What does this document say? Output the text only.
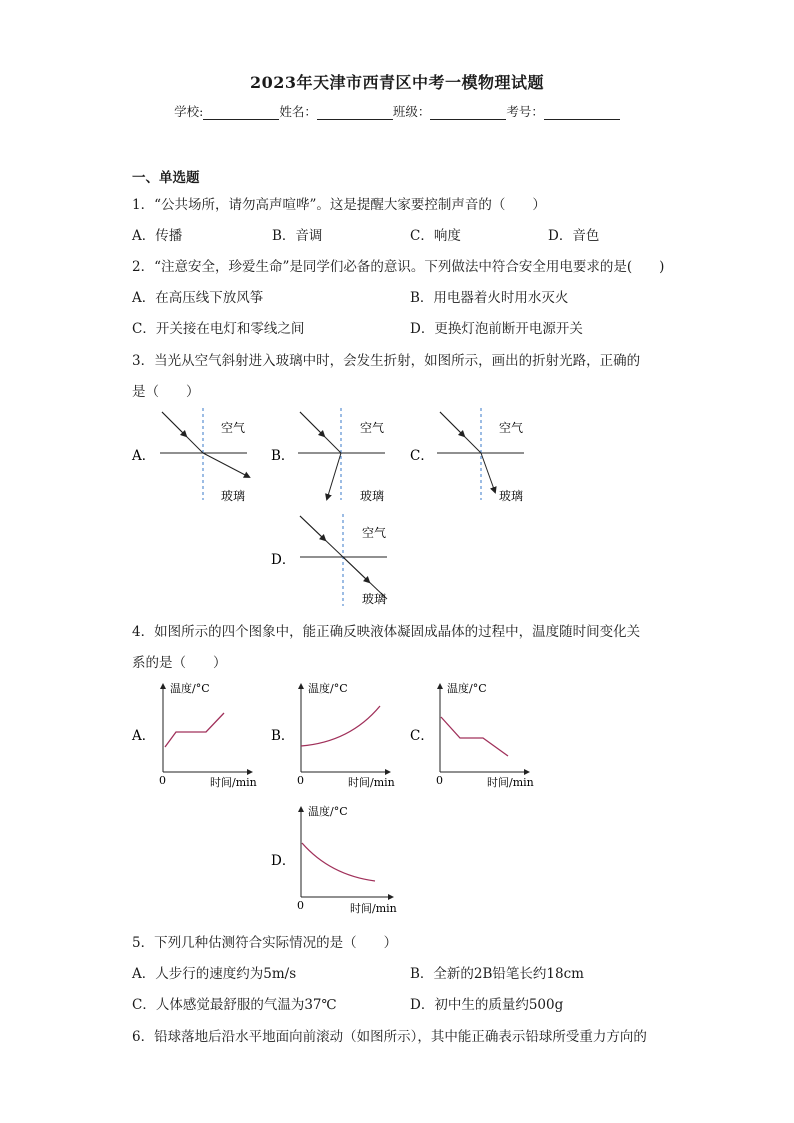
2023年天津市西青区中考一模物理试题
学校:	姓名：	班级：	考号：
一、单选题
1．“公共场所，请勿高声喧哗”。这是提醒大家要控制声音的（　　）
A．传播	B．音调	C．响度	D．音色
2．“注意安全，珍爱生命”是同学们必备的意识。下列做法中符合安全用电要求的是(　　)
A．在高压线下放风筝	B．用电器着火时用水灭火
C．开关接在电灯和零线之间	D．更换灯泡前断开电源开关
3．当光从空气斜射进入玻璃中时，会发生折射，如图所示，画出的折射光路，正确的
是（　　）
A．
空气
玻璃
B．
空气
玻璃
C．
空气
玻璃
D．
空气
玻璃
4．如图所示的四个图象中，能正确反映液体凝固成晶体的过程中，温度随时间变化关
系的是（　　）
A．
温度/°C
时间/min
0
B．
温度/°C
时间/min
0
C．
温度/°C
时间/min
0
D．
温度/°C
时间/min
0
5．下列几种估测符合实际情况的是（　　）
A．人步行的速度约为5m/s	B．全新的2B铅笔长约18cm
C．人体感觉最舒服的气温为37℃	D．初中生的质量约500g
6．铅球落地后沿水平地面向前滚动（如图所示），其中能正确表示铅球所受重力方向的
